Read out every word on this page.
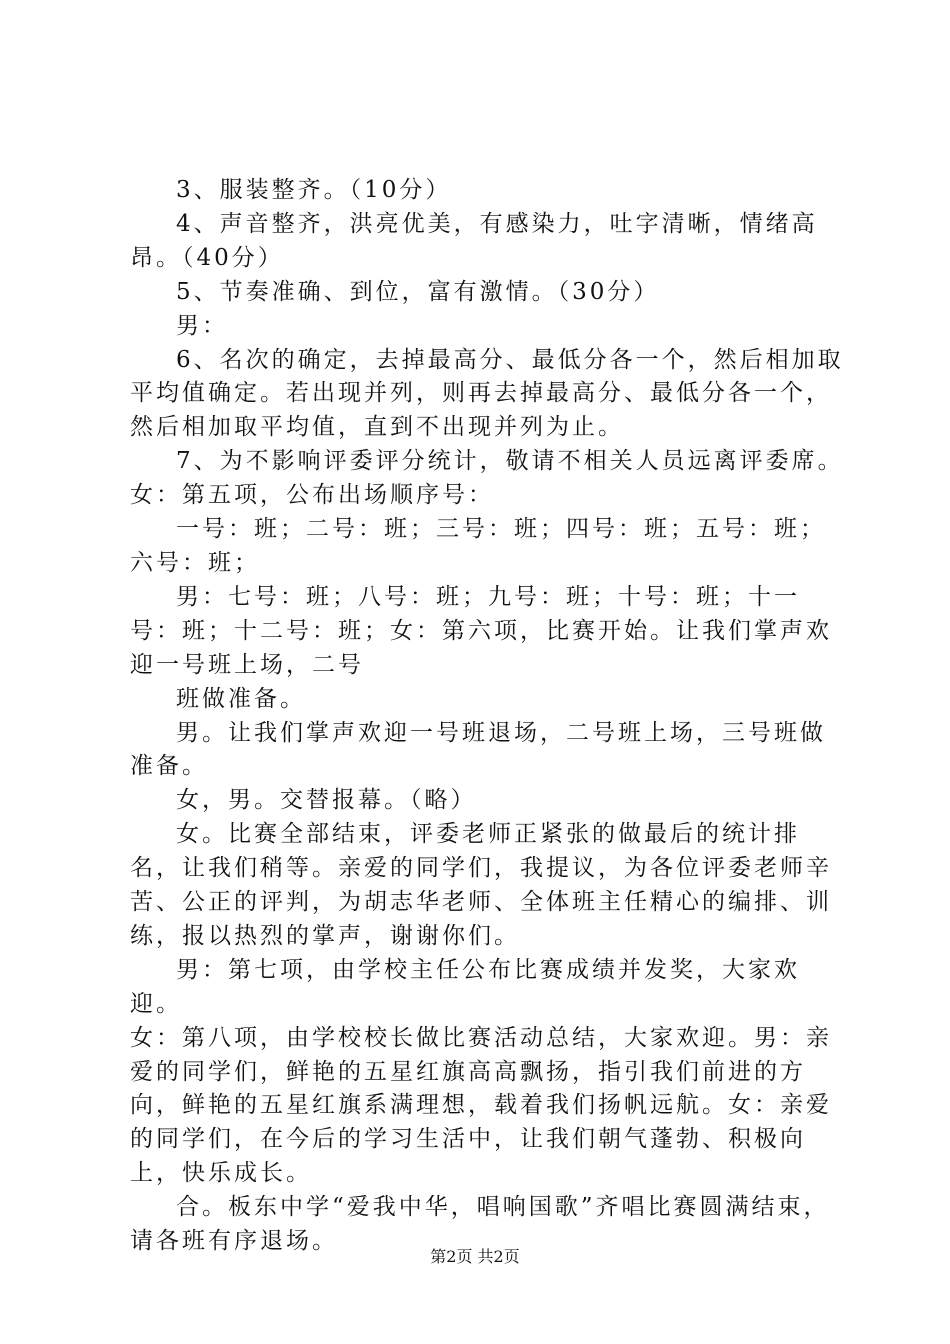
3、服装整齐。（10分）

4、声音整齐，洪亮优美，有感染力，吐字清晰，情绪高昂。（40分）

5、节奏准确、到位，富有激情。（30分）

男：

6、名次的确定，去掉最高分、最低分各一个，然后相加取平均值确定。若出现并列，则再去掉最高分、最低分各一个，然后相加取平均值，直到不出现并列为止。

7、为不影响评委评分统计，敬请不相关人员远离评委席。

女：第五项，公布出场顺序号：

一号：班；二号：班；三号：班；四号：班；五号：班；六号：班；

男：七号：班；八号：班；九号：班；十号：班；十一号：班；十二号：班；女：第六项，比赛开始。让我们掌声欢迎一号班上场，二号

班做准备。

男。让我们掌声欢迎一号班退场，二号班上场，三号班做准备。

女，男。交替报幕。（略）

女。比赛全部结束，评委老师正紧张的做最后的统计排名，让我们稍等。亲爱的同学们，我提议，为各位评委老师辛苦、公正的评判，为胡志华老师、全体班主任精心的编排、训练，报以热烈的掌声，谢谢你们。

男：第七项，由学校主任公布比赛成绩并发奖，大家欢迎。

女：第八项，由学校校长做比赛活动总结，大家欢迎。男：亲爱的同学们，鲜艳的五星红旗高高飘扬，指引我们前进的方向，鲜艳的五星红旗系满理想，载着我们扬帆远航。女：亲爱的同学们，在今后的学习生活中，让我们朝气蓬勃、积极向上，快乐成长。

合。板东中学“爱我中华，唱响国歌”齐唱比赛圆满结束，请各班有序退场。

第2页 共2页
